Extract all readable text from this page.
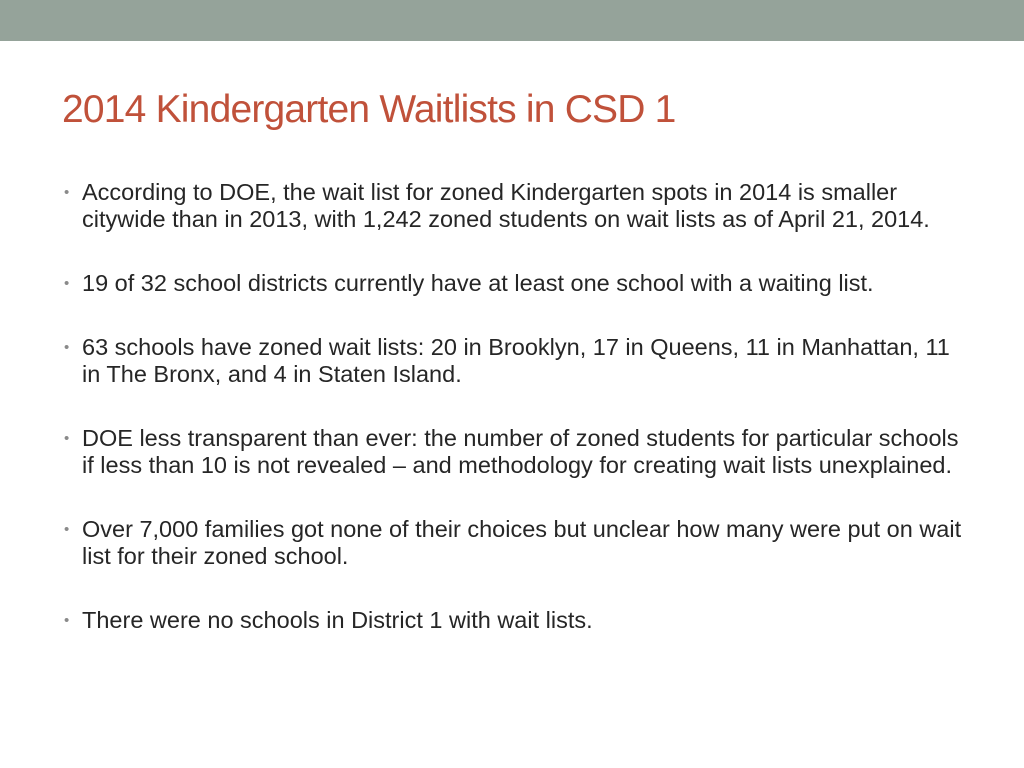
2014 Kindergarten Waitlists in CSD 1
• According to DOE, the wait list for zoned Kindergarten spots in 2014 is smaller citywide than in 2013, with 1,242 zoned students on wait lists as of April 21, 2014.
• 19 of 32 school districts currently have at least one school with a waiting list.
• 63 schools have zoned wait lists: 20 in Brooklyn, 17 in Queens, 11 in Manhattan, 11 in The Bronx, and 4 in Staten Island.
• DOE less transparent than ever: the number of zoned students for particular schools if less than 10 is not revealed – and methodology for creating wait lists unexplained.
• Over 7,000 families got none of their choices but unclear how many were put on wait list for their zoned school.
• There were no schools in District 1 with wait lists.
